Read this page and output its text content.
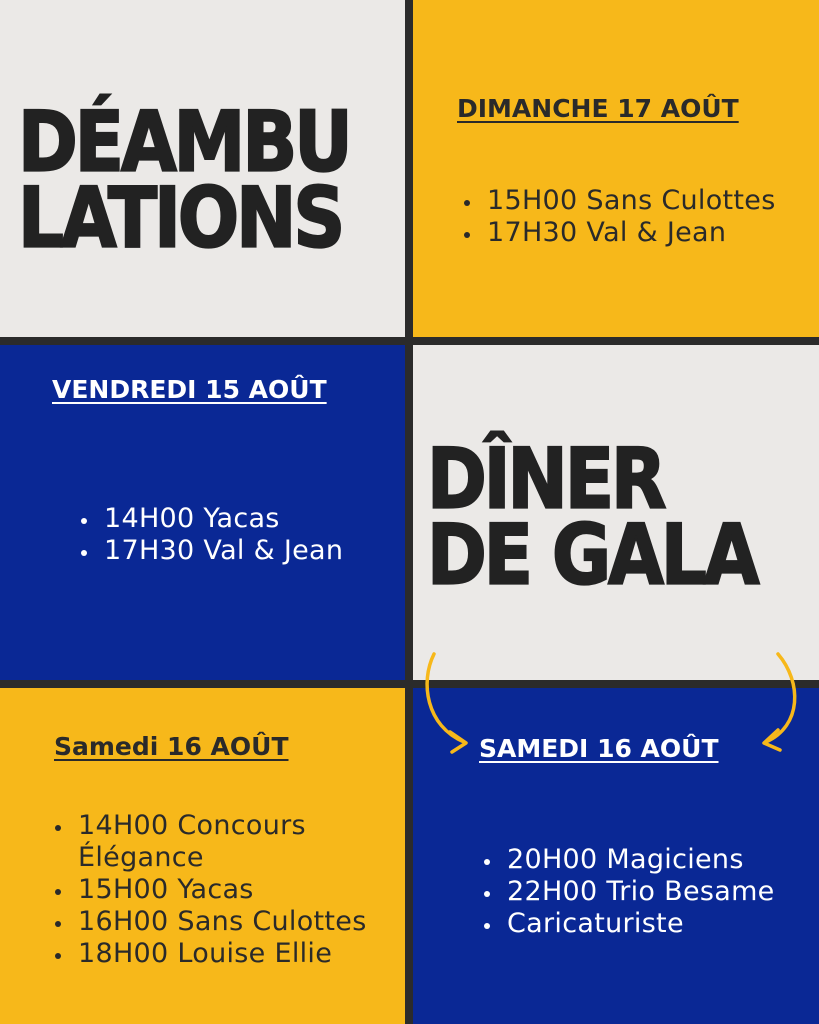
DÉAMBU
LATIONS
DIMANCHE 17 AOÛT
• 15H00 Sans Culottes
• 17H30 Val & Jean
VENDREDI 15 AOÛT
• 14H00 Yacas
• 17H30 Val & Jean
DÎNER
DE GALA
Samedi 16 AOÛT
• 14H00 Concours Élégance
• 15H00 Yacas
• 16H00 Sans Culottes
• 18H00 Louise Ellie
SAMEDI 16 AOÛT
• 20H00 Magiciens
• 22H00 Trio Besame
• Caricaturiste
